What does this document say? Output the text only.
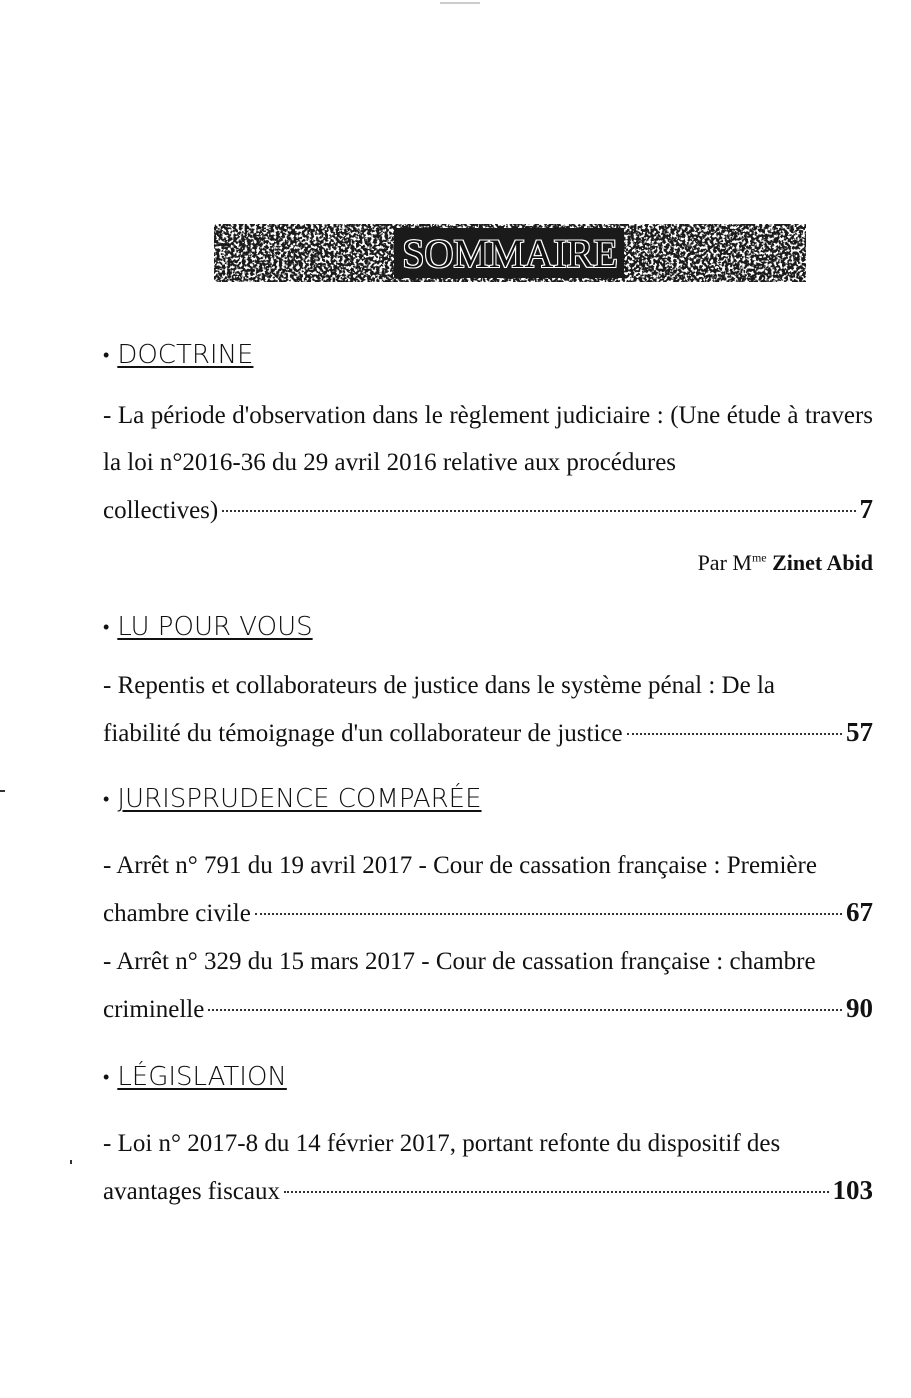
SOMMAIRE
• DOCTRINE
- La période d'observation dans le règlement judiciaire : (Une étude à travers la loi n°2016-36 du 29 avril 2016 relative aux procédures
collectives)	7
Par $M^{me}$ Zinet Abid
• LU POUR VOUS
- Repentis et collaborateurs de justice dans le système pénal : De la
fiabilité du témoignage d'un collaborateur de justice	57
• JURISPRUDENCE COMPARÉE
- Arrêt n° 791 du 19 avril 2017 - Cour de cassation française : Première
chambre civile	67
- Arrêt n° 329 du 15 mars 2017 - Cour de cassation française : chambre
criminelle	90
• LÉGISLATION
- Loi n° 2017-8 du 14 février 2017, portant refonte du dispositif des
avantages fiscaux	103
